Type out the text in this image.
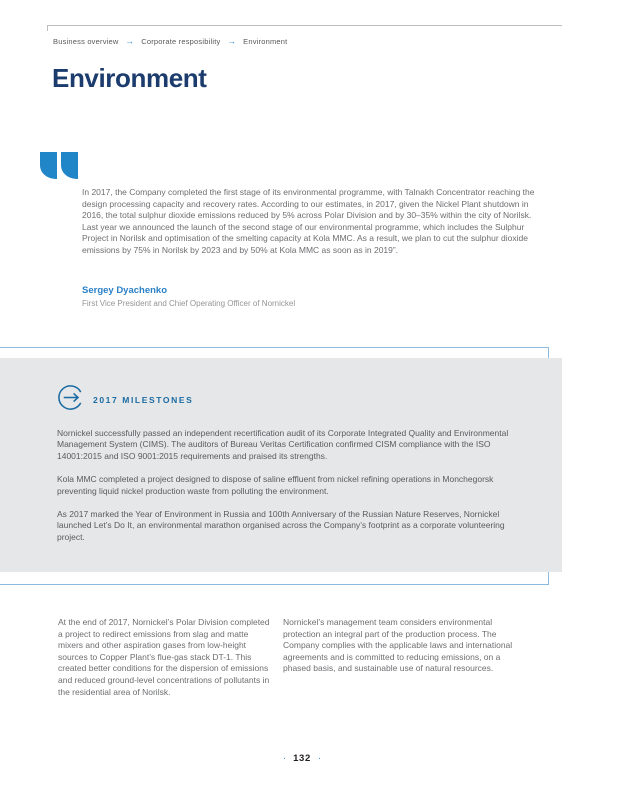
Business overview → Corporate resposibility → Environment
Environment
In 2017, the Company completed the first stage of its environmental programme, with Talnakh Concentrator reaching the design processing capacity and recovery rates. According to our estimates, in 2017, given the Nickel Plant shutdown in 2016, the total sulphur dioxide emissions reduced by 5% across Polar Division and by 30–35% within the city of Norilsk. Last year we announced the launch of the second stage of our environmental programme, which includes the Sulphur Project in Norilsk and optimisation of the smelting capacity at Kola MMC. As a result, we plan to cut the sulphur dioxide emissions by 75% in Norilsk by 2023 and by 50% at Kola MMC as soon as in 2019”.
Sergey Dyachenko
First Vice President and Chief Operating Officer of Nornickel
2017 MILESTONES

Nornickel successfully passed an independent recertification audit of its Corporate Integrated Quality and Environmental Management System (CIMS). The auditors of Bureau Veritas Certification confirmed CISM compliance with the ISO 14001:2015 and ISO 9001:2015 requirements and praised its strengths.

Kola MMC completed a project designed to dispose of saline effluent from nickel refining operations in Monchegorsk preventing liquid nickel production waste from polluting the environment.

As 2017 marked the Year of Environment in Russia and 100th Anniversary of the Russian Nature Reserves, Nornickel launched Let’s Do It, an environmental marathon organised across the Company’s footprint as a corporate volunteering project.

At the end of 2017, Nornickel’s Polar Division completed a project to redirect emissions from slag and matte mixers and other aspiration gases from low-height sources to Copper Plant’s flue-gas stack DT-1. This created better conditions for the dispersion of emissions and reduced ground-level concentrations of pollutants in the residential area of Norilsk.
Nornickel’s management team considers environmental protection an integral part of the production process. The Company complies with the applicable laws and international agreements and is committed to reducing emissions, on a phased basis, and sustainable use of natural resources.
· 132 ·
